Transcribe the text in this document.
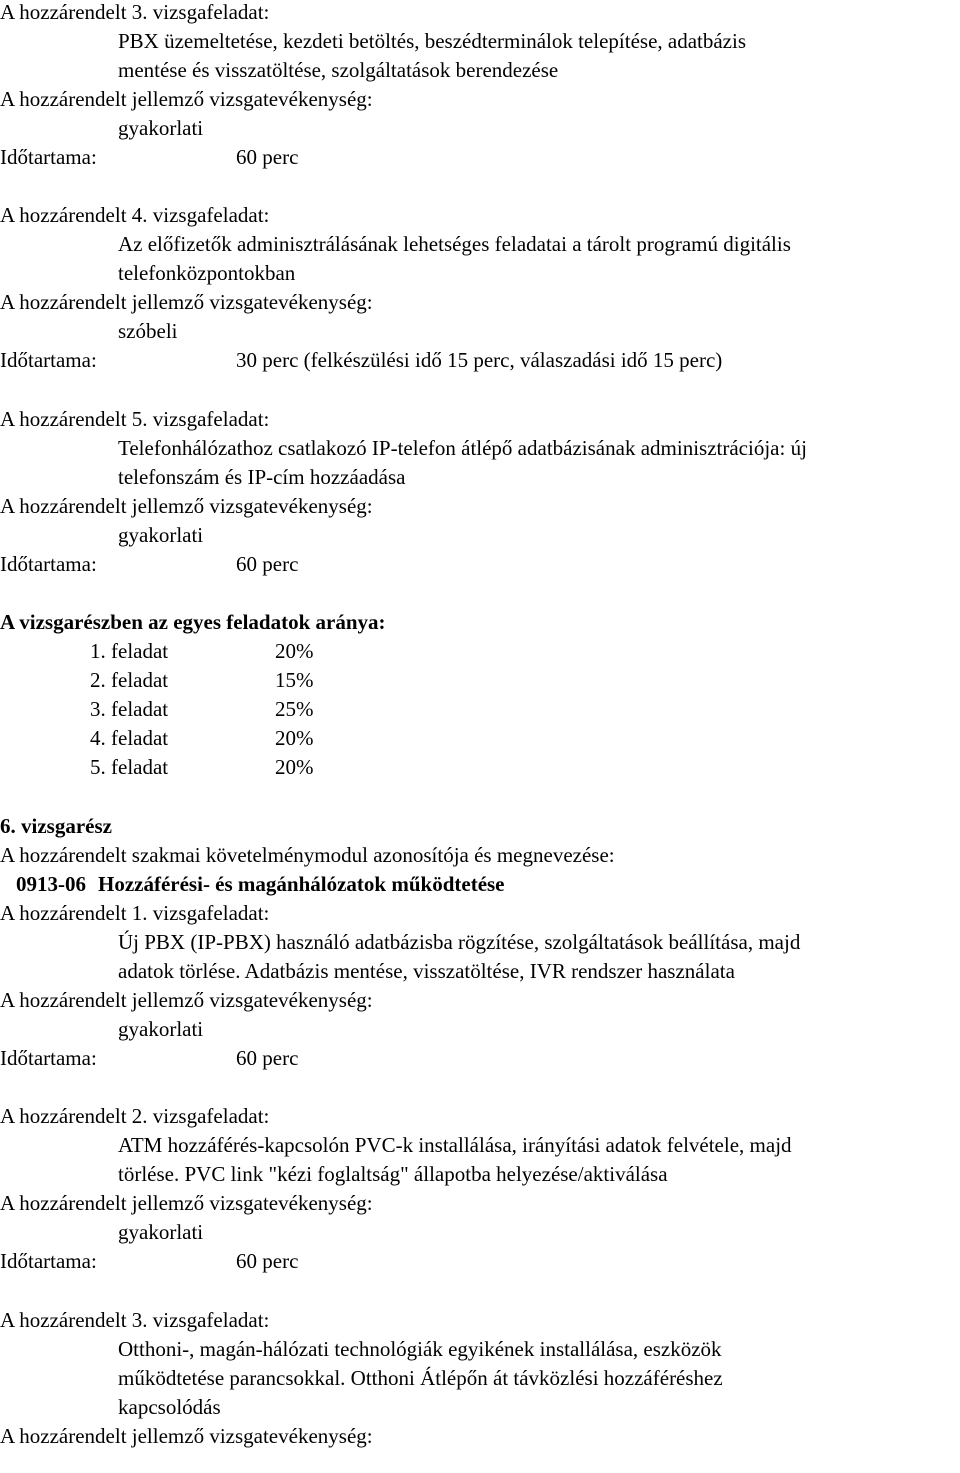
A hozzárendelt 3. vizsgafeladat:
PBX üzemeltetése, kezdeti betöltés, beszédterminálok telepítése, adatbázis
mentése és visszatöltése, szolgáltatások berendezése
A hozzárendelt jellemző vizsgatevékenység:
gyakorlati
Időtartama:	60 perc
A hozzárendelt 4. vizsgafeladat:
Az előfizetők adminisztrálásának lehetséges feladatai a tárolt programú digitális
telefonközpontokban
A hozzárendelt jellemző vizsgatevékenység:
szóbeli
Időtartama:	30 perc (felkészülési idő 15 perc, válaszadási idő 15 perc)
A hozzárendelt 5. vizsgafeladat:
Telefonhálózathoz csatlakozó IP-telefon átlépő adatbázisának adminisztrációja: új
telefonszám és IP-cím hozzáadása
A hozzárendelt jellemző vizsgatevékenység:
gyakorlati
Időtartama:	60 perc
A vizsgarészben az egyes feladatok aránya:
1. feladat	20%
2. feladat	15%
3. feladat	25%
4. feladat	20%
5. feladat	20%
6. vizsgarész
A hozzárendelt szakmai követelménymodul azonosítója és megnevezése:
0913-06 Hozzáférési- és magánhálózatok működtetése
A hozzárendelt 1. vizsgafeladat:
Új PBX (IP-PBX) használó adatbázisba rögzítése, szolgáltatások beállítása, majd
adatok törlése. Adatbázis mentése, visszatöltése, IVR rendszer használata
A hozzárendelt jellemző vizsgatevékenység:
gyakorlati
Időtartama:	60 perc
A hozzárendelt 2. vizsgafeladat:
ATM hozzáférés-kapcsolón PVC-k installálása, irányítási adatok felvétele, majd
törlése. PVC link "kézi foglaltság" állapotba helyezése/aktiválása
A hozzárendelt jellemző vizsgatevékenység:
gyakorlati
Időtartama:	60 perc
A hozzárendelt 3. vizsgafeladat:
Otthoni-, magán-hálózati technológiák egyikének installálása, eszközök
működtetése parancsokkal. Otthoni Átlépőn át távközlési hozzáféréshez
kapcsolódás
A hozzárendelt jellemző vizsgatevékenység:
